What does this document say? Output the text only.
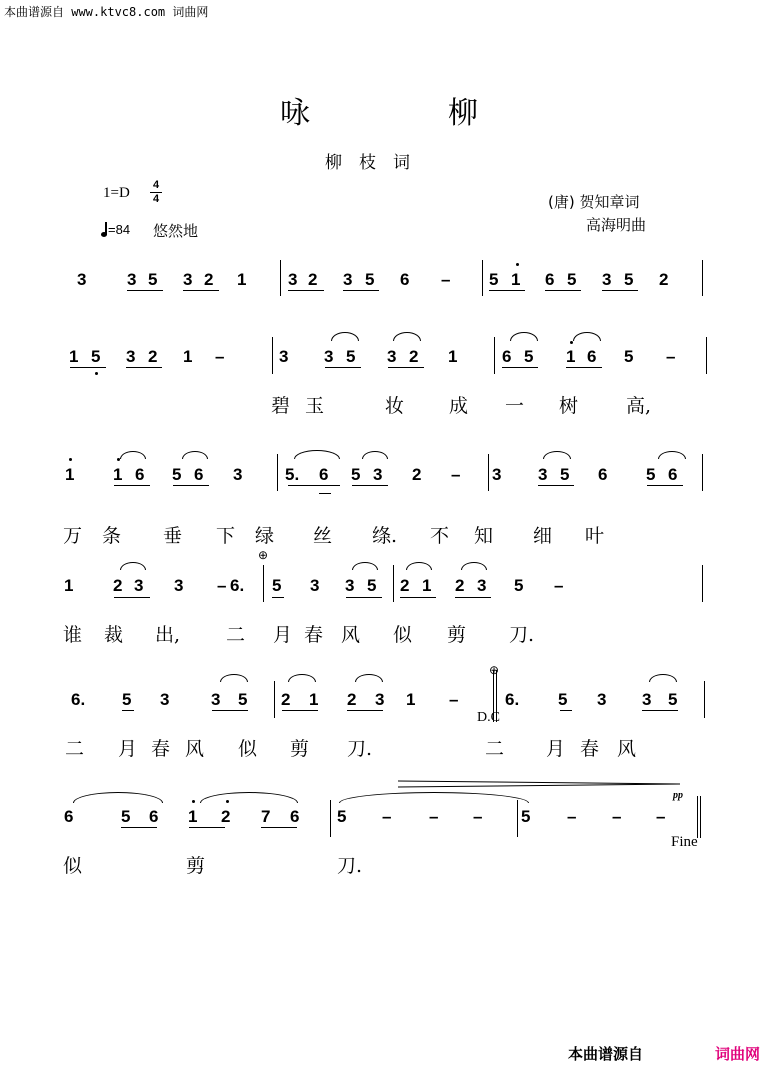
本曲谱源自 www.ktvc8.com 词曲网
咏	柳
柳　枝　词
1=D 4
4
=84 悠然地
(唐) 贺知章词
高海明曲
3 3 5 3 2 1 3 2 3 5 6 – 5 1 6 5 3 5 2
1 5 3 2 1 –	3 3 5 3 2 1	6 5 1 6 5 –
碧 玉	妆 成 一 树	高,
1 1 6 5 6 3	5.	6 5 3 2 – 3 3 5 6 5 6
万 条 垂 下 绿 丝 绦. 不 知 细 叶
1 2 3 3 – 6.	5 3 3 5 2 1 2 3 5 –
谁 裁 出, 二 月 春 风 似 剪 刀.
6.	5 3 3 5 2 1 2 3 1 –	6.	5 3 3 5
二 月 春 风 似 剪 刀.	二 月 春 风
6	5 6 1 2 7 6 5 – – – 5 – – –
似	剪	刀.
⊕
⊕
D.C
pp
Fine
本曲谱源自	词曲网
